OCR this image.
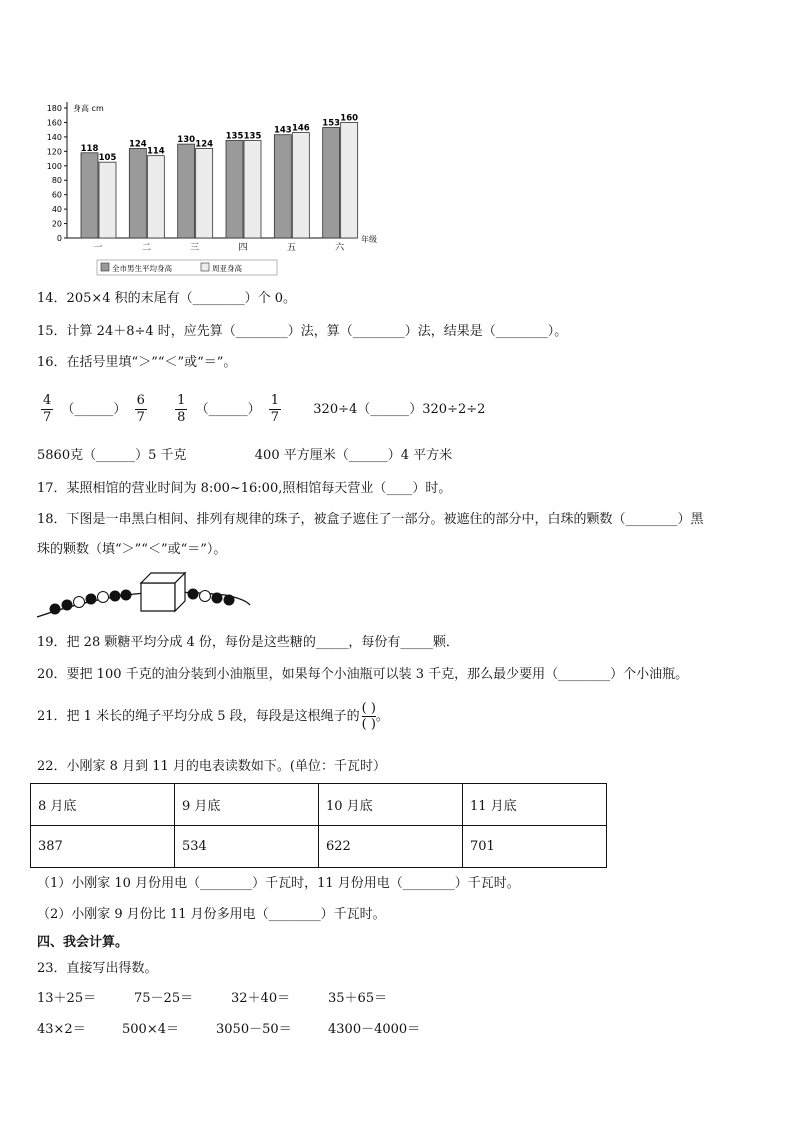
0
20
40
60
80
100
120
140
160
180 身高 cm
年级
118
105
一
124
114
二
130 124
三
135 135
四
143 146
五
153
160
六
全市男生平均身高	周亚身高
14．205×4 积的末尾有（________）个 0。
15．计算 24＋8÷4 时，应先算（________）法，算（________）法，结果是（________）。
16．在括号里填“＞”“＜”或“＝”。
$\frac{4}{7}$ （______） $\frac{6}{7}$
$\frac{1}{8}$ （______） $\frac{1}{7}$ 320÷4（______）320÷2÷2
5860克（______）5 千克	400 平方厘米（______）4 平方米
17．某照相馆的营业时间为 8:00~16:00,照相馆每天营业（____）时。
18．下图是一串黑白相间、排列有规律的珠子，被盒子遮住了一部分。被遮住的部分中，白珠的颗数（________）黑
珠的颗数（填“＞”“＜”或“＝”）。
19．把 28 颗糖平均分成 4 份，每份是这些糖的_____，每份有_____颗．
20．要把 100 千克的油分装到小油瓶里，如果每个小油瓶可以装 3 千克，那么最少要用（________）个小油瓶。
21．把 1 米长的绳子平均分成 5 段，每段是这根绳子的 $\frac{( )}{( )}$ 。
22．小刚家 8 月到 11 月的电表读数如下。(单位：千瓦时）
8 月底	9 月底	10 月底	11 月底
387	534	622	701
（1）小刚家 10 月份用电（________）千瓦时，11 月份用电（________）千瓦时。
（2）小刚家 9 月份比 11 月份多用电（________）千瓦时。
四、我会计算。
23．直接写出得数。
13＋25＝	75－25＝	32＋40＝	35＋65＝
43×2＝	500×4＝	3050－50＝	4300－4000＝
